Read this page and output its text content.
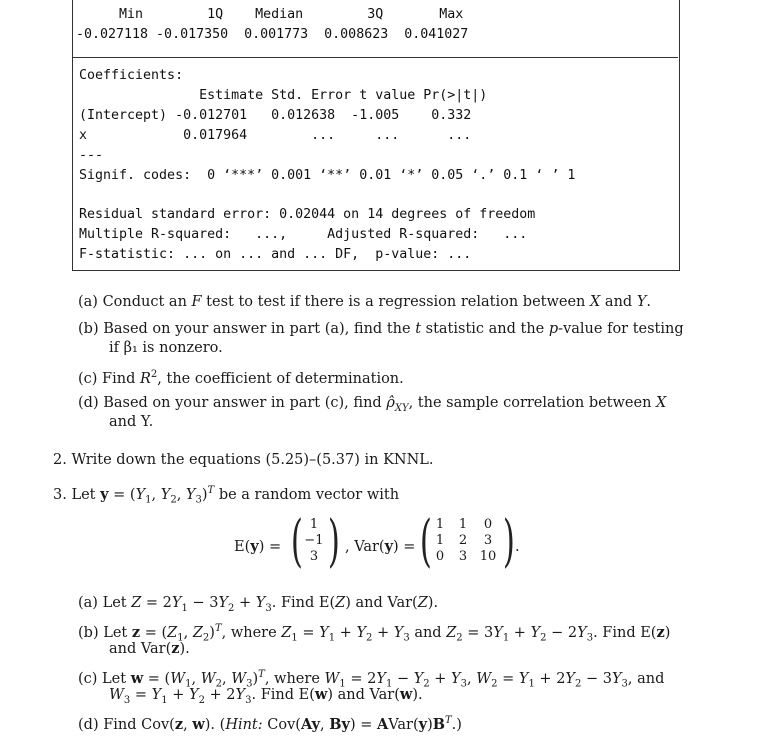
Min        1Q    Median        3Q       Max
-0.027118 -0.017350  0.001773  0.008623  0.041027
Coefficients:
Estimate Std. Error t value Pr(>|t|)
(Intercept) -0.012701   0.012638  -1.005    0.332
x            0.017964        ...     ...      ...
---
Signif. codes:  0 ‘***’ 0.001 ‘**’ 0.01 ‘*’ 0.05 ‘.’ 0.1 ‘ ’ 1
Residual standard error: 0.02044 on 14 degrees of freedom
Multiple R-squared:   ...,     Adjusted R-squared:   ...
F-statistic: ... on ... and ... DF,  p-value: ...
(a) Conduct an F test to test if there is a regression relation between X and Y.
(b) Based on your answer in part (a), find the t statistic and the p-value for testing
if β₁ is nonzero.
(c) Find $R^2$, the coefficient of determination.
(d) Based on your answer in part (c), find $\rhô_{XY}$, the sample correlation between X
and Y.
2. Write down the equations (5.25)–(5.37) in KNNL.
3. Let $y = (Y_1$, $Y_2$, $Y_3)^T$ be a random vector with
E(y) = ( 1
−1
3 ) , Var(y) = ( 1	1	0
1	2	3
0	3 10 ) .
(a) Let $Z = 2Y_1 - 3Y_2 + Y_3$. Find E(Z) and Var(Z).
(b) Let $z = (Z_1$, $Z_2)^T$, where $Z_1 = Y_1 + Y_2 + Y_3$ and $Z_2 = 3Y_1 + Y_2 - 2Y_3$. Find E(z)
and Var(z).
(c) Let $w = (W_1$, $W_2$, $W_3)^T$, where $W_1 = 2Y_1 - Y_2 + Y_3$, $W_2 = Y_1 + 2Y_2 - 3Y_3$, and
$W_3 = Y_1 + Y_2 + 2Y_3$. Find E(w) and Var(w).
(d) Find Cov(z, w). (Hint: Cov(Ay, $By) = AVar(y)B^T$.)
